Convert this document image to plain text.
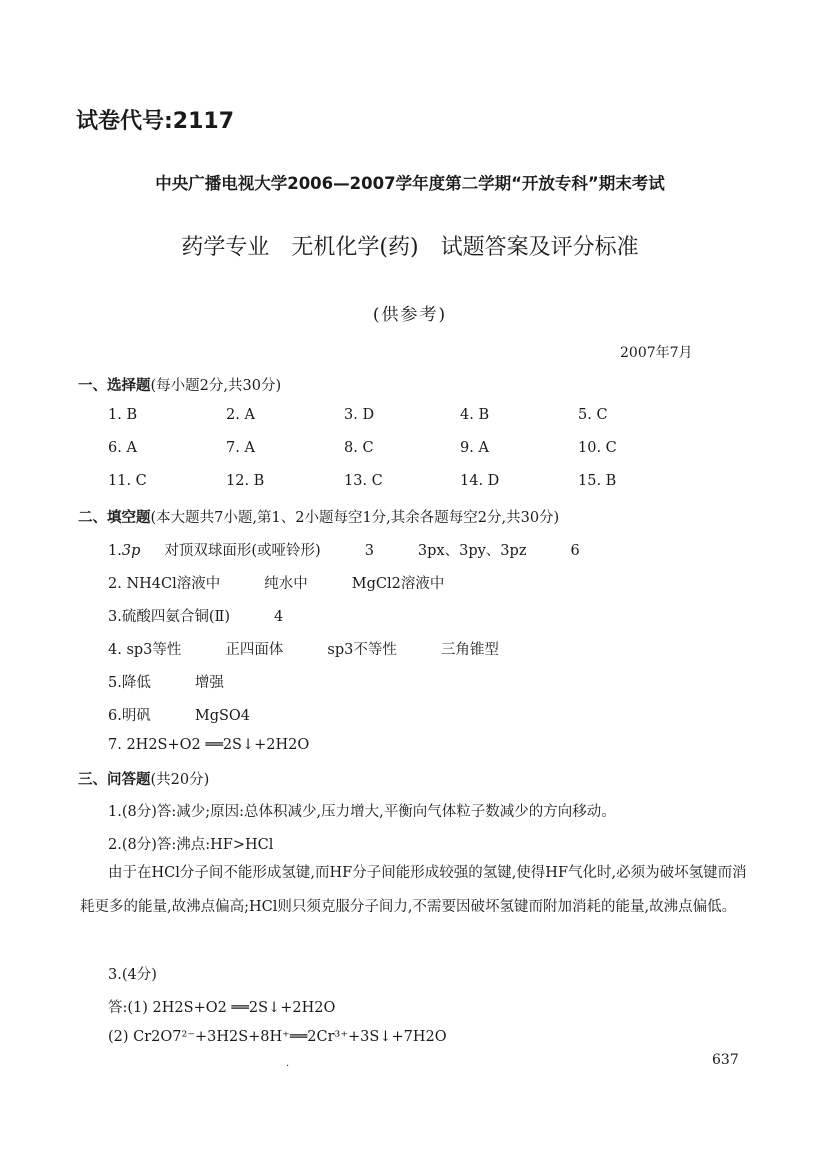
试卷代号:2117
中央广播电视大学2006—2007学年度第二学期“开放专科”期末考试
药学专业　无机化学(药)　试题答案及评分标准
(供参考)
2007年7月
一、选择题(每小题2分,共30分)
1. B	2. A	3. D	4. B	5. C
6. A	7. A	8. C	9. A	10. C
11. C	12. B	13. C	14. D	15. B
二、填空题(本大题共7小题,第1、2小题每空1分,其余各题每空2分,共30分)
1.3p 对顶双球面形(或哑铃形)	3	3px、3py、3pz	6
2. NH4Cl溶液中	纯水中	MgCl2溶液中
3.硫酸四氨合铜(Ⅱ)	4
4. sp3等性	正四面体	sp3不等性	三角锥型
5.降低	增强
6.明矾	MgSO4
7. 2H2S+O2 ══2S↓+2H2O
三、问答题(共20分)
1.(8分)答:减少;原因:总体积减少,压力增大,平衡向气体粒子数减少的方向移动。
2.(8分)答:沸点:HF>HCl
由于在HCl分子间不能形成氢键,而HF分子间能形成较强的氢键,使得HF气化时,必须为破坏氢键而消耗更多的能量,故沸点偏高;HCl则只须克服分子间力,不需要因破坏氢键而附加消耗的能量,故沸点偏低。
3.(4分)
答:(1) 2H2S+O2 ══2S↓+2H2O
(2) Cr2O7²⁻+3H2S+8H⁺══2Cr³⁺+3S↓+7H2O
637
.
